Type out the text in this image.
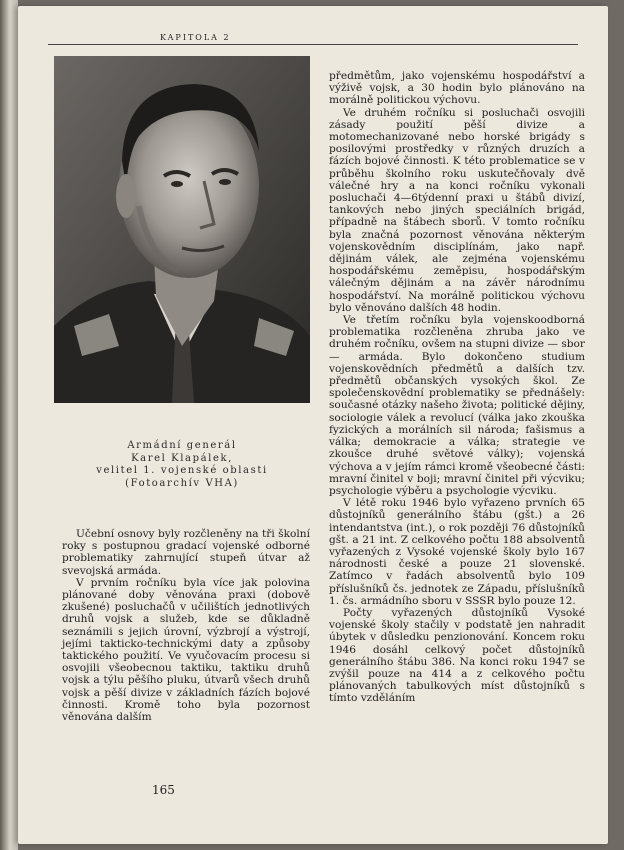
KAPITOLA 2
Armádní generál
Karel Klapálek,
velitel 1. vojenské oblasti
(Fotoarchív VHA)

Učební osnovy byly rozčleněny na tři školní roky s postupnou gradací vojenské odborné problematiky zahrnující stupeň útvar až svevojská armáda.

V prvním ročníku byla více jak polovina plánované doby věnována praxi (dobově zkušené) posluchačů v učilištích jednotlivých druhů vojsk a služeb, kde se důkladně seznámili s jejich úrovní, výzbrojí a výstrojí, jejími takticko-technickými daty a způsoby taktického použití. Ve vyučovacím procesu si osvojili všeobecnou taktiku, taktiku druhů vojsk a týlu pěšího pluku, útvarů všech druhů vojsk a pěší divize v základních fázích bojové činnosti. Kromě toho byla pozornost věnována dalším

předmětům, jako vojenskému hospodářství a výživě vojsk, a 30 hodin bylo plánováno na morálně politickou výchovu.

Ve druhém ročníku si posluchači osvojili zásady použití pěší divize a motomechanizované nebo horské brigády s posilovými prostředky v různých druzích a fázích bojové činnosti. K této problematice se v průběhu školního roku uskutečňovaly dvě válečné hry a na konci ročníku vykonali posluchači 4—6týdenní praxi u štábů divizí, tankových nebo jiných speciálních brigád, případně na štábech sborů. V tomto ročníku byla značná pozornost věnována některým vojenskovědním disciplínám, jako např. dějinám válek, ale zejména vojenskému hospodářskému zeměpisu, hospodářským válečným dějinám a na závěr národnímu hospodářství. Na morálně politickou výchovu bylo věnováno dalších 48 hodin.

Ve třetím ročníku byla vojenskoodborná problematika rozčleněna zhruba jako ve druhém ročníku, ovšem na stupni divize — sbor — armáda. Bylo dokončeno studium vojenskovědních předmětů a dalších tzv. předmětů občanských vysokých škol. Ze společenskovědní problematiky se přednášely: současné otázky našeho života; politické dějiny, sociologie válek a revolucí (válka jako zkouška fyzických a morálních sil národa; fašismus a válka; demokracie a válka; strategie ve zkoušce druhé světové války); vojenská výchova a v jejím rámci kromě všeobecné části: mravní činitel v boji; mravní činitel při výcviku; psychologie výběru a psychologie výcviku.

V létě roku 1946 bylo vyřazeno prvních 65 důstojníků generálního štábu (gšt.) a 26 intendantstva (int.), o rok později 76 důstojníků gšt. a 21 int. Z celkového počtu 188 absolventů vyřazených z Vysoké vojenské školy bylo 167 národnosti české a pouze 21 slovenské. Zatímco v řadách absolventů bylo 109 příslušníků čs. jednotek ze Západu, příslušníků 1. čs. armádního sboru v SSSR bylo pouze 12.

Počty vyřazených důstojníků Vysoké vojenské školy stačily v podstatě jen nahradit úbytek v důsledku penzionování. Koncem roku 1946 dosáhl celkový počet důstojníků generálního štábu 386. Na konci roku 1947 se zvýšil pouze na 414 a z celkového počtu plánovaných tabulkových míst důstojníků s tímto vzděláním

165
